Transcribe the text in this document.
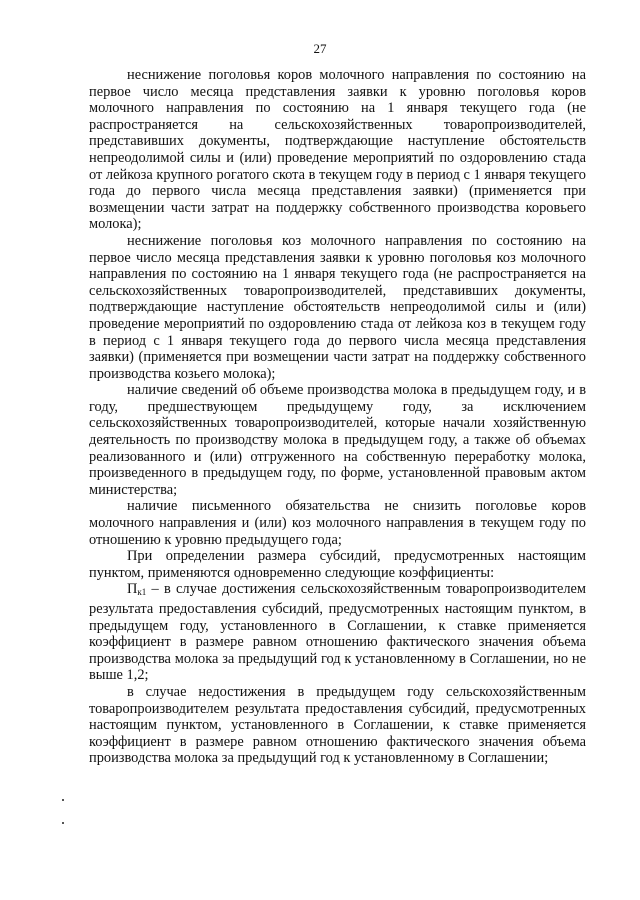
27

неснижение поголовья коров молочного направления по состоянию на первое число месяца представления заявки к уровню поголовья коров молочного направления по состоянию на 1 января текущего года (не распространяется на сельскохозяйственных товаропроизводителей, представивших документы, подтверждающие наступление обстоятельств непреодолимой силы и (или) проведение мероприятий по оздоровлению стада от лейкоза крупного рогатого скота в текущем году в период с 1 января текущего года до первого числа месяца представления заявки) (применяется при возмещении части затрат на поддержку собственного производства коровьего молока);

неснижение поголовья коз молочного направления по состоянию на первое число месяца представления заявки к уровню поголовья коз молочного направления по состоянию на 1 января текущего года (не распространяется на сельскохозяйственных товаропроизводителей, представивших документы, подтверждающие наступление обстоятельств непреодолимой силы и (или) проведение мероприятий по оздоровлению стада от лейкоза коз в текущем году в период с 1 января текущего года до первого числа месяца представления заявки) (применяется при возмещении части затрат на поддержку собственного производства козьего молока);

наличие сведений об объеме производства молока в предыдущем году, и в году, предшествующем предыдущему году, за исключением сельскохозяйственных товаропроизводителей, которые начали хозяйственную деятельность по производству молока в предыдущем году, а также об объемах реализованного и (или) отгруженного на собственную переработку молока, произведенного в предыдущем году, по форме, установленной правовым актом министерства;

наличие письменного обязательства не снизить поголовье коров молочного направления и (или) коз молочного направления в текущем году по отношению к уровню предыдущего года;

При определении размера субсидий, предусмотренных настоящим пунктом, применяются одновременно следующие коэффициенты:

$П_{к1}$ – в случае достижения сельскохозяйственным товаропроизводителем результата предоставления субсидий, предусмотренных настоящим пунктом, в предыдущем году, установленного в Соглашении, к ставке применяется коэффициент в размере равном отношению фактического значения объема производства молока за предыдущий год к установленному в Соглашении, но не выше 1,2;

в случае недостижения в предыдущем году сельскохозяйственным товаропроизводителем результата предоставления субсидий, предусмотренных настоящим пунктом, установленного в Соглашении, к ставке применяется коэффициент в размере равном отношению фактического значения объема производства молока за предыдущий год к установленному в Соглашении;
